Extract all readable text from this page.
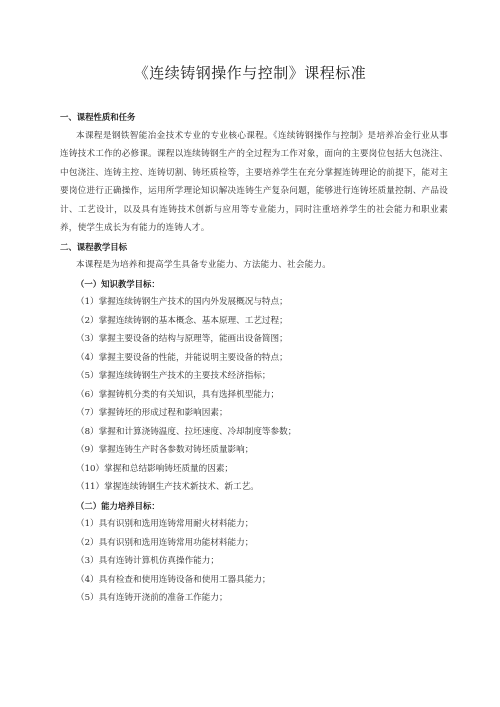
《连续铸钢操作与控制》课程标准
一、课程性质和任务
本课程是钢铁智能冶金技术专业的专业核心课程。《连续铸钢操作与控制》是培养冶金行业从事连铸技术工作的必修课。课程以连续铸钢生产的全过程为工作对象，面向的主要岗位包括大包浇注、中包浇注、连铸主控、连铸切割、铸坯质检等，主要培养学生在充分掌握连铸理论的前提下，能对主要岗位进行正确操作，运用所学理论知识解决连铸生产复杂问题，能够进行连铸坯质量控制、产品设计、工艺设计，以及具有连铸技术创新与应用等专业能力，同时注重培养学生的社会能力和职业素养，使学生成长为有能力的连铸人才。
二、课程教学目标
本课程是为培养和提高学生具备专业能力、方法能力、社会能力。
（一）知识教学目标：
（1）掌握连续铸钢生产技术的国内外发展概况与特点；
（2）掌握连续铸钢的基本概念、基本原理、工艺过程；
（3）掌握主要设备的结构与原理等，能画出设备简图；
（4）掌握主要设备的性能，并能说明主要设备的特点；
（5）掌握连续铸钢生产技术的主要技术经济指标；
（6）掌握铸机分类的有关知识，具有选择机型能力；
（7）掌握铸坯的形成过程和影响因素；
（8）掌握和计算浇铸温度、拉坯速度、冷却制度等参数；
（9）掌握连铸生产时各参数对铸坯质量影响；
（10）掌握和总结影响铸坯质量的因素；
（11）掌握连续铸钢生产技术新技术、新工艺。
（二）能力培养目标：
（1）具有识别和选用连铸常用耐火材料能力；
（2）具有识别和选用连铸常用功能材料能力；
（3）具有连铸计算机仿真操作能力；
（4）具有检查和使用连铸设备和使用工器具能力；
（5）具有连铸开浇前的准备工作能力；
